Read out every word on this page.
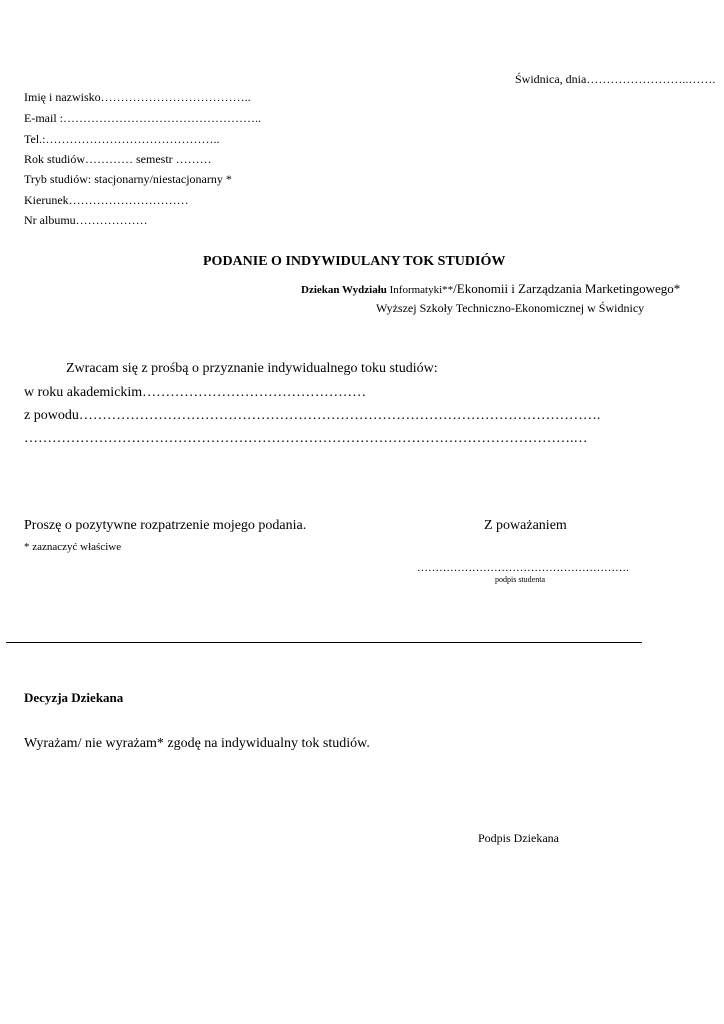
Świdnica, dnia……………………..…….
Imię i nazwisko………………………………..
E-mail :…………………………………………..
Tel.:……………………………………..
Rok studiów………… semestr ………
Tryb studiów: stacjonarny/niestacjonarny *
Kierunek…………………………
Nr albumu………………
PODANIE O INDYWIDULANY TOK STUDIÓW
Dziekan Wydziału Informatyki**/Ekonomii i Zarządzania Marketingowego*
Wyższej Szkoły Techniczno-Ekonomicznej w Świdnicy
Zwracam się z prośbą o przyznanie indywidualnego toku studiów:
w roku akademickim…………………………………………
z powodu………………………………………………………………………………………………….
……………………………………………………………………………………………………….…
Proszę o pozytywne rozpatrzenie mojego podania.	Z poważaniem
* zaznaczyć właściwe
………………………………………………….
podpis studenta
Decyzja Dziekana
Wyrażam/ nie wyrażam* zgodę na indywidualny tok studiów.
Podpis Dziekana
